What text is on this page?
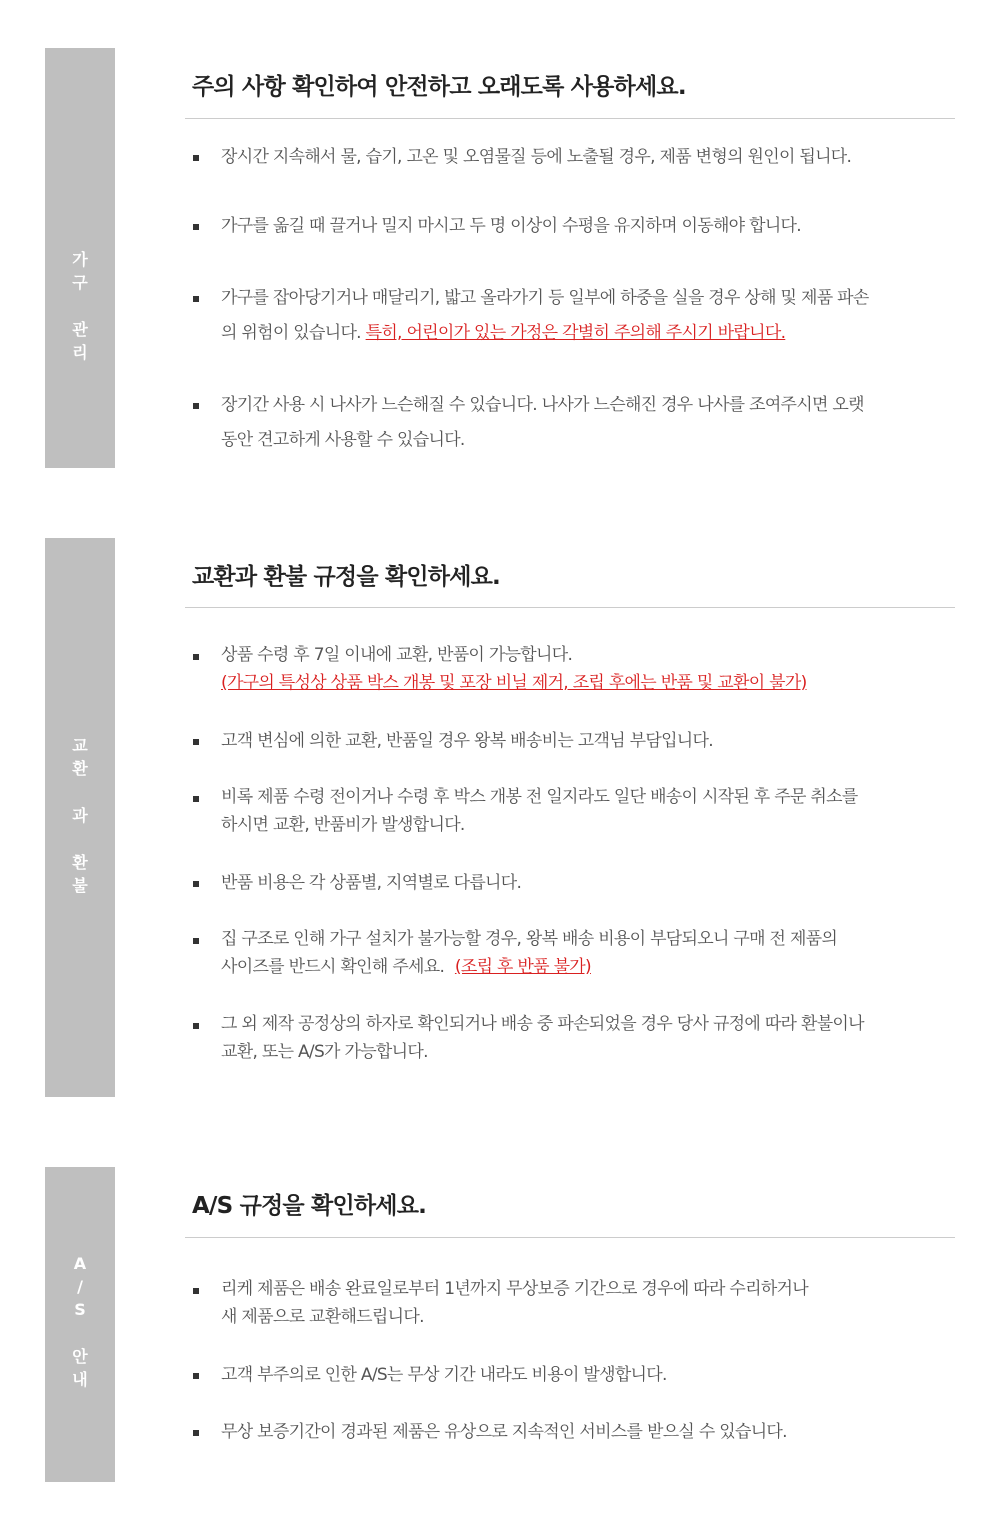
가
구
관
리
주의 사항 확인하여 안전하고 오래도록 사용하세요.
장시간 지속해서 물, 습기, 고온 및 오염물질 등에 노출될 경우, 제품 변형의 원인이 됩니다.
가구를 옮길 때 끌거나 밀지 마시고 두 명 이상이 수평을 유지하며 이동해야 합니다.
가구를 잡아당기거나 매달리기, 밟고 올라가기 등 일부에 하중을 실을 경우 상해 및 제품 파손
의 위험이 있습니다. 특히, 어린이가 있는 가정은 각별히 주의해 주시기 바랍니다.
장기간 사용 시 나사가 느슨해질 수 있습니다. 나사가 느슨해진 경우 나사를 조여주시면 오랫
동안 견고하게 사용할 수 있습니다.
교
환
과
환
불
교환과 환불 규정을 확인하세요.
상품 수령 후 7일 이내에 교환, 반품이 가능합니다.
(가구의 특성상 상품 박스 개봉 및 포장 비닐 제거, 조립 후에는 반품 및 교환이 불가)
고객 변심에 의한 교환, 반품일 경우 왕복 배송비는 고객님 부담입니다.
비록 제품 수령 전이거나 수령 후 박스 개봉 전 일지라도 일단 배송이 시작된 후 주문 취소를
하시면 교환, 반품비가 발생합니다.
반품 비용은 각 상품별, 지역별로 다릅니다.
집 구조로 인해 가구 설치가 불가능할 경우, 왕복 배송 비용이 부담되오니 구매 전 제품의
사이즈를 반드시 확인해 주세요. (조립 후 반품 불가)
그 외 제작 공정상의 하자로 확인되거나 배송 중 파손되었을 경우 당사 규정에 따라 환불이나
교환, 또는 A/S가 가능합니다.
A
/
S
안
내
A/S 규정을 확인하세요.
리케 제품은 배송 완료일로부터 1년까지 무상보증 기간으로 경우에 따라 수리하거나
새 제품으로 교환해드립니다.
고객 부주의로 인한 A/S는 무상 기간 내라도 비용이 발생합니다.
무상 보증기간이 경과된 제품은 유상으로 지속적인 서비스를 받으실 수 있습니다.
